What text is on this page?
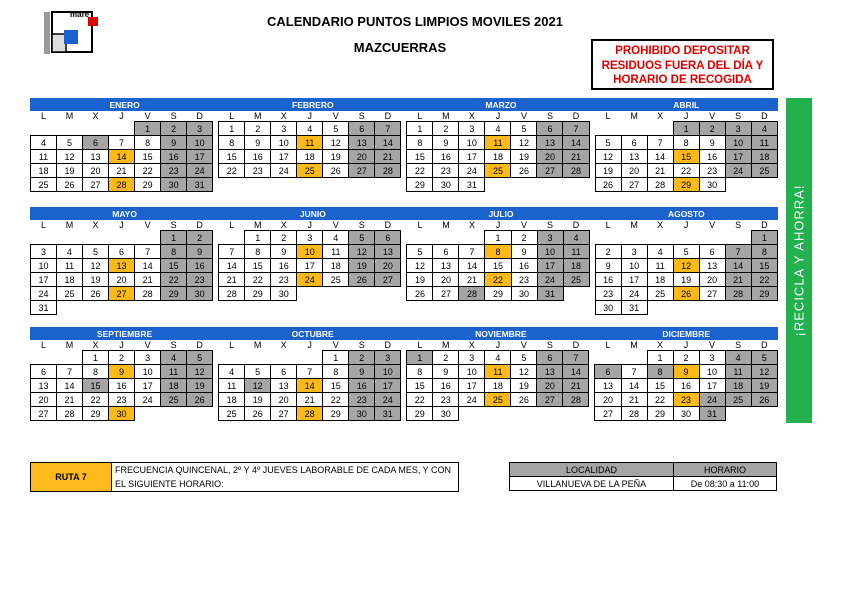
mare	CALENDARIO PUNTOS LIMPIOS MOVILES 2021
MAZCUERRAS	PROHIBIDO DEPOSITAR
RESIDUOS FUERA DEL DÍA Y
HORARIO DE RECOGIDA
ENERO								FEBRERO								MARZO								ABRIL						
L	M	X	J	V	S	D		L	M	X	J	V	S	D		L	M	X	J	V	S	D		L	M	X	J	V	S	D
				1	2	3		1	2	3	4	5	6	7		1	2	3	4	5	6	7					1	2	3	4
4	5	6	7	8	9	10		8	9	10	11	12	13	14		8	9	10	11	12	13	14		5	6	7	8	9	10	11
11	12	13	14	15	16	17		15	16	17	18	19	20	21		15	16	17	18	19	20	21		12	13	14	15	16	17	18
18	19	20	21	22	23	24		22	23	24	25	26	27	28		22	23	24	25	26	27	28		19	20	21	22	23	24	25
25	26	27	28	29	30	31										29	30	31						26	27	28	29	30		
MAYO								JUNIO								JULIO								AGOSTO						
L	M	X	J	V	S	D		L	M	X	J	V	S	D		L	M	X	J	V	S	D		L	M	X	J	V	S	D
					1	2			1	2	3	4	5	6					1	2	3	4								1
3	4	5	6	7	8	9		7	8	9	10	11	12	13		5	6	7	8	9	10	11		2	3	4	5	6	7	8
10	11	12	13	14	15	16		14	15	16	17	18	19	20		12	13	14	15	16	17	18		9	10	11	12	13	14	15
17	18	19	20	21	22	23		21	22	23	24	25	26	27		19	20	21	22	23	24	25		16	17	18	19	20	21	22
24	25	26	27	28	29	30		28	29	30						26	27	28	29	30	31			23	24	25	26	27	28	29
31																								30	31					
SEPTIEMBRE								OCTUBRE								NOVIEMBRE								DICIEMBRE						
L	M	X	J	V	S	D		L	M	X	J	V	S	D		L	M	X	J	V	S	D		L	M	X	J	V	S	D
		1	2	3	4	5						1	2	3		1	2	3	4	5	6	7				1	2	3	4	5
6	7	8	9	10	11	12		4	5	6	7	8	9	10		8	9	10	11	12	13	14		6	7	8	9	10	11	12
13	14	15	16	17	18	19		11	12	13	14	15	16	17		15	16	17	18	19	20	21		13	14	15	16	17	18	19
20	21	22	23	24	25	26		18	19	20	21	22	23	24		22	23	24	25	26	27	28		20	21	22	23	24	25	26
27	28	29	30					25	26	27	28	29	30	31		29	30							27	28	29	30	31		
¡RECICLA Y AHORRA!
RUTA 7	
FRECUENCIA QUINCENAL, 2º Y 4º JUEVES LABORABLE DE CADA MES, Y CON
EL SIGUIENTE HORARIO:
LOCALIDAD	HORARIO
VILLANUEVA DE LA PEÑA	De 08:30 a 11:00
